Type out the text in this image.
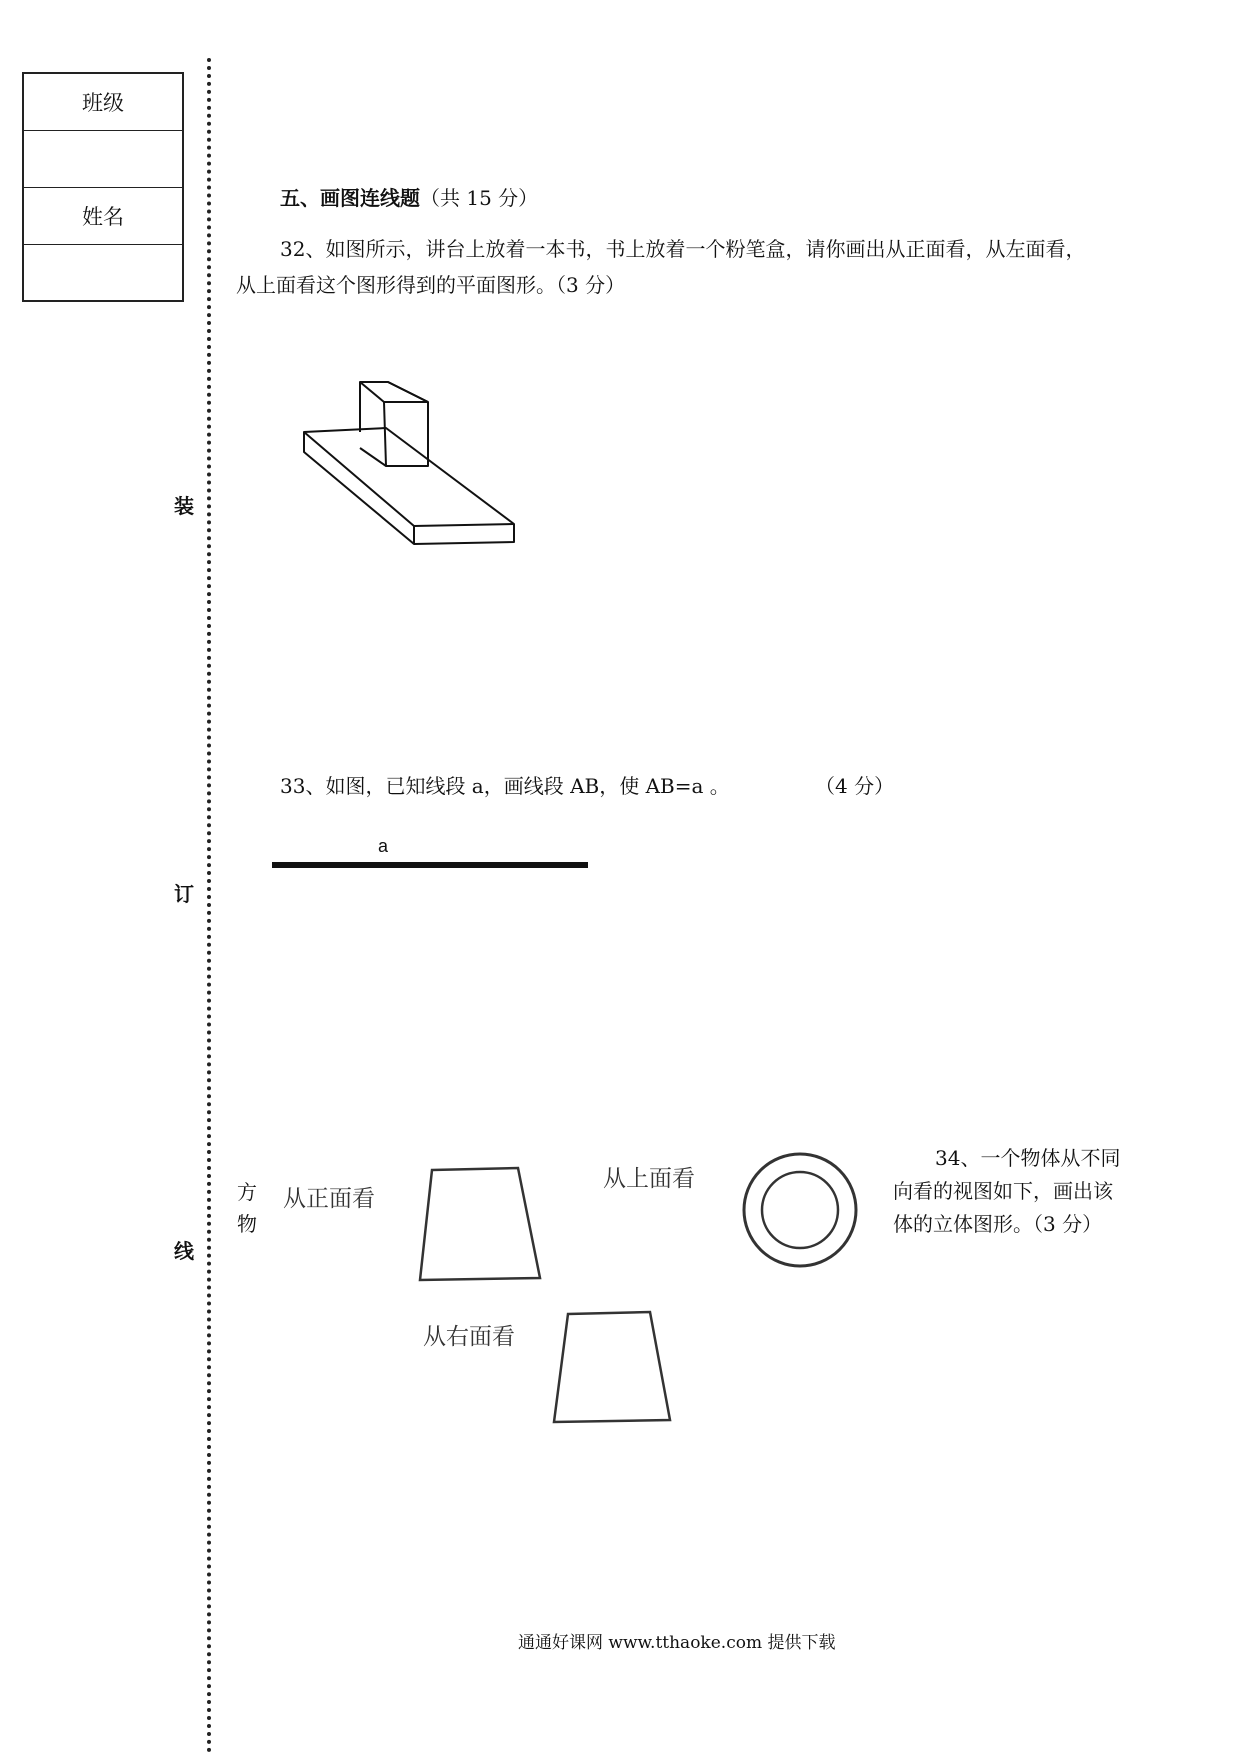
班级
姓名
装
订
线
五、画图连线题（共 15 分）
32、如图所示，讲台上放着一本书，书上放着一个粉笔盒，请你画出从正面看，从左面看，
从上面看这个图形得到的平面图形。（3 分）
33、如图，已知线段 a，画线段 AB，使 AB=a 。	（4 分）
a
34、一个物体从不同
向看的视图如下，画出该
体的立体图形。（3 分）
方
物
从正面看
从上面看
从右面看
通通好课网 www.tthaoke.com 提供下载
